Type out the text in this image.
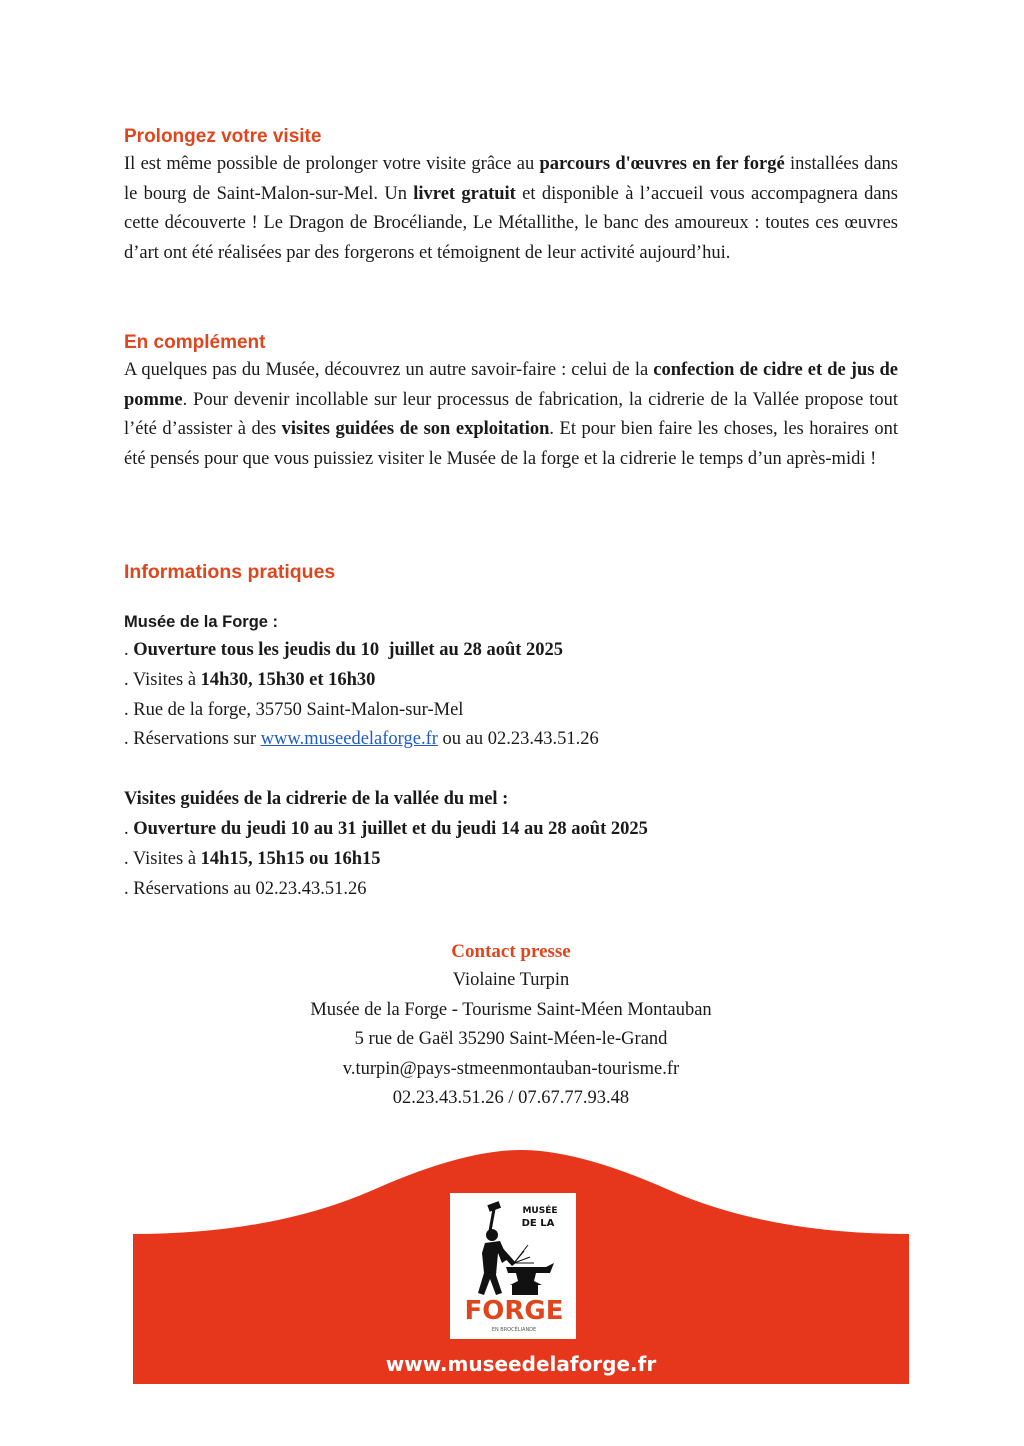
Prolongez votre visite

Il est même possible de prolonger votre visite grâce au parcours d'œuvres en fer forgé installées dans le bourg de Saint-Malon-sur-Mel. Un livret gratuit et disponible à l’accueil vous accompagnera dans cette découverte ! Le Dragon de Brocéliande, Le Métallithe, le banc des amoureux : toutes ces œuvres d’art ont été réalisées par des forgerons et témoignent de leur activité aujourd’hui.

En complément

A quelques pas du Musée, découvrez un autre savoir-faire : celui de la confection de cidre et de jus de pomme. Pour devenir incollable sur leur processus de fabrication, la cidrerie de la Vallée propose tout l’été d’assister à des visites guidées de son exploitation. Et pour bien faire les choses, les horaires ont été pensés pour que vous puissiez visiter le Musée de la forge et la cidrerie le temps d’un après-midi !

Informations pratiques

Musée de la Forge :

. Ouverture tous les jeudis du 10  juillet au 28 août 2025

. Visites à 14h30, 15h30 et 16h30

. Rue de la forge, 35750 Saint-Malon-sur-Mel

. Réservations sur www.museedelaforge.fr ou au 02.23.43.51.26

Visites guidées de la cidrerie de la vallée du mel :

. Ouverture du jeudi 10 au 31 juillet et du jeudi 14 au 28 août 2025

. Visites à 14h15, 15h15 ou 16h15

. Réservations au 02.23.43.51.26

Contact presse

Violaine Turpin

Musée de la Forge - Tourisme Saint-Méen Montauban

5 rue de Gaël 35290 Saint-Méen-le-Grand

v.turpin@pays-stmeenmontauban-tourisme.fr

02.23.43.51.26 / 07.67.77.93.48

MUSÉE
DE LA
FORGE
EN BROCÉLIANDE
www.museedelaforge.fr
02.23.43.51.26
